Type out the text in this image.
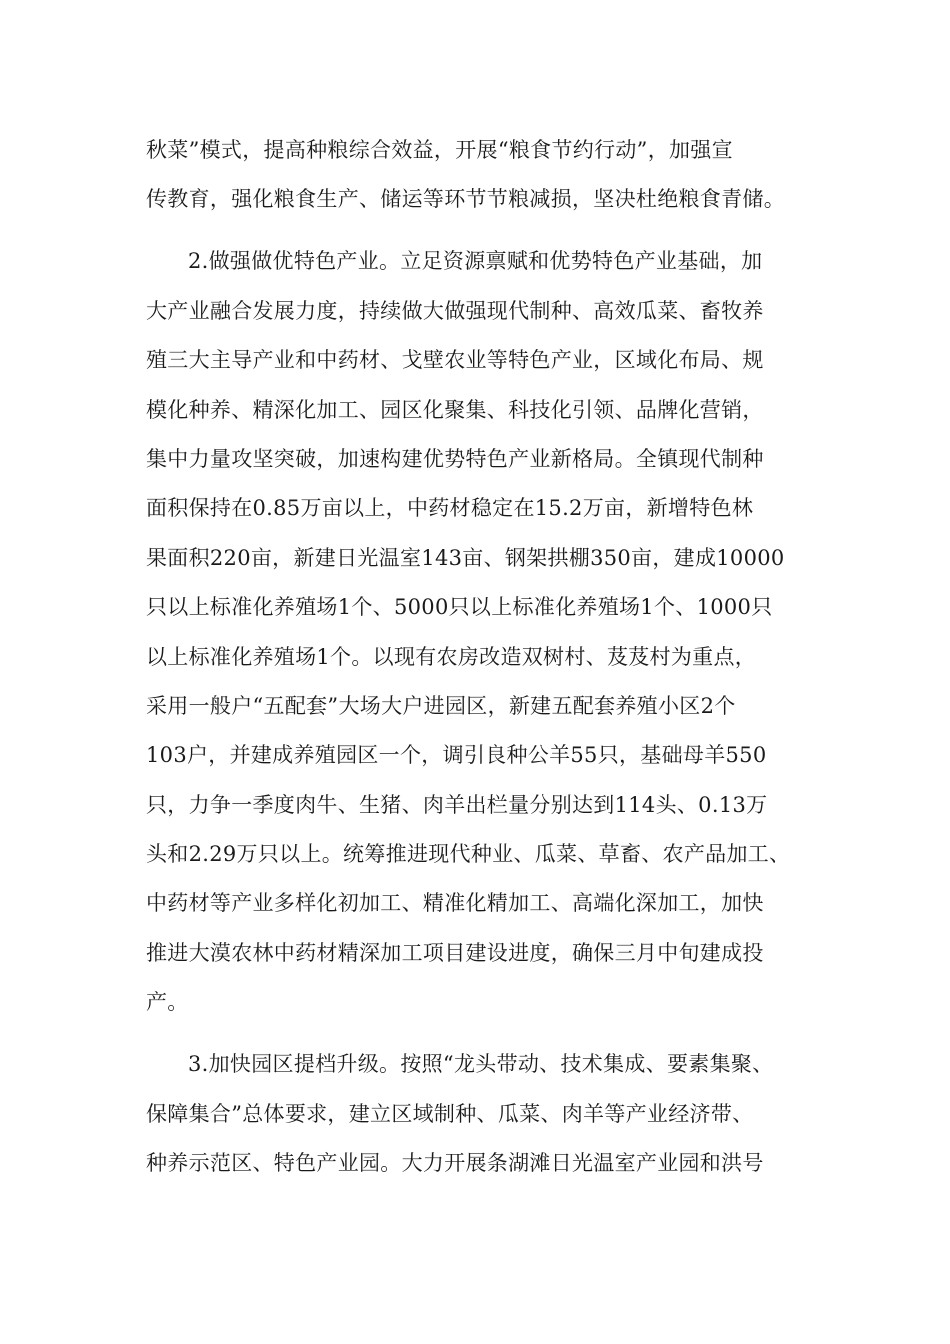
秋菜”模式，提高种粮综合效益，开展“粮食节约行动”，加强宣
传教育，强化粮食生产、储运等环节节粮减损，坚决杜绝粮食青储。
2.做强做优特色产业。立足资源禀赋和优势特色产业基础，加
大产业融合发展力度，持续做大做强现代制种、高效瓜菜、畜牧养
殖三大主导产业和中药材、戈壁农业等特色产业，区域化布局、规
模化种养、精深化加工、园区化聚集、科技化引领、品牌化营销，
集中力量攻坚突破，加速构建优势特色产业新格局。全镇现代制种
面积保持在0.85万亩以上，中药材稳定在15.2万亩，新增特色林
果面积220亩，新建日光温室143亩、钢架拱棚350亩，建成10000
只以上标准化养殖场1个、5000只以上标准化养殖场1个、1000只
以上标准化养殖场1个。以现有农房改造双树村、芨芨村为重点，
采用一般户“五配套”大场大户进园区，新建五配套养殖小区2个
103户，并建成养殖园区一个，调引良种公羊55只，基础母羊550
只，力争一季度肉牛、生猪、肉羊出栏量分别达到114头、0.13万
头和2.29万只以上。统筹推进现代种业、瓜菜、草畜、农产品加工、
中药材等产业多样化初加工、精准化精加工、高端化深加工，加快
推进大漠农林中药材精深加工项目建设进度，确保三月中旬建成投
产。
3.加快园区提档升级。按照“龙头带动、技术集成、要素集聚、
保障集合”总体要求，建立区域制种、瓜菜、肉羊等产业经济带、
种养示范区、特色产业园。大力开展条湖滩日光温室产业园和洪号
